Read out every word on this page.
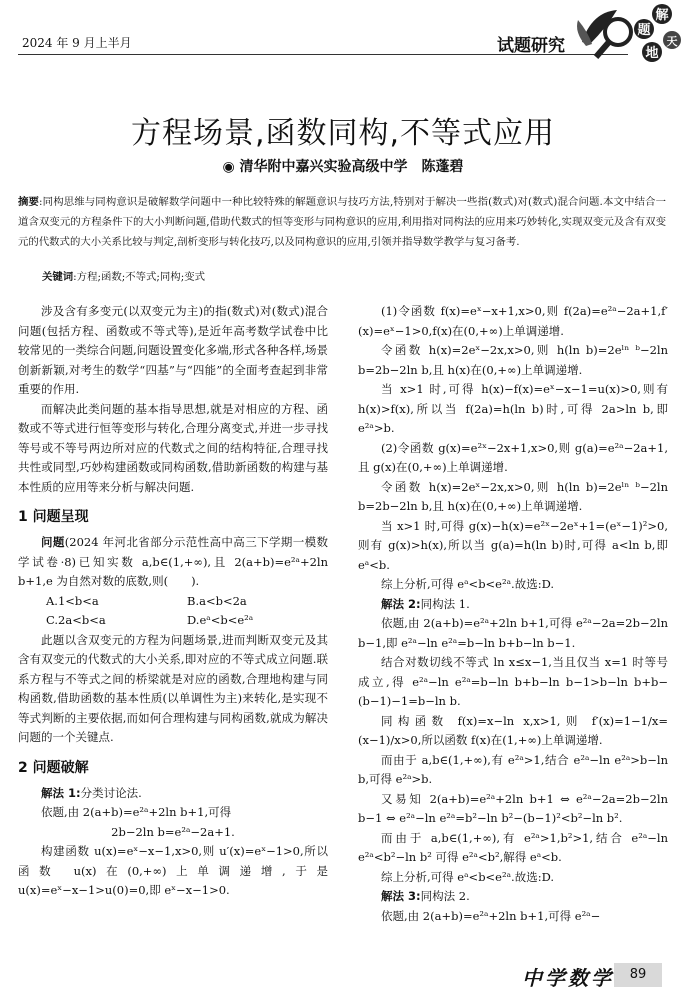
2024 年 9 月上半月	试题研究
解
题
天
地
方程场景,函数同构,不等式应用
◉ 清华附中嘉兴实验高级中学　陈蓬碧
摘要:同构思维与同构意识是破解数学问题中一种比较特殊的解题意识与技巧方法,特别对于解决一些指(数式)对(数式)混合问题.本文中结合一道含双变元的方程条件下的大小判断问题,借助代数式的恒等变形与同构意识的应用,利用指对同构法的应用来巧妙转化,实现双变元及含有双变元的代数式的大小关系比较与判定,剖析变形与转化技巧,以及同构意识的应用,引领并指导数学教学与复习备考.
关键词:方程;函数;不等式;同构;变式

涉及含有多变元(以双变元为主)的指(数式)对(数式)混合问题(包括方程、函数或不等式等),是近年高考数学试卷中比较常见的一类综合问题,问题设置变化多端,形式各种各样,场景创新新颖,对考生的数学“四基”与“四能”的全面考查起到非常重要的作用.

而解决此类问题的基本指导思想,就是对相应的方程、函数或不等式进行恒等变形与转化,合理分离变式,并进一步寻找等号或不等号两边所对应的代数式之间的结构特征,合理寻找共性或同型,巧妙构建函数或同构函数,借助新函数的构建与基本性质的应用等来分析与解决问题.

1 问题呈现

问题(2024 年河北省部分示范性高中高三下学期一模数学试卷·8)已知实数 a,b∈(1,+∞),且 2(a+b)=e²ᵃ+2ln b+1,e 为自然对数的底数,则(　　).

A.1<b<a	B.a<b<2a
C.2a<b<a	D.eᵃ<b<e²ᵃ

此题以含双变元的方程为问题场景,进而判断双变元及其含有双变元的代数式的大小关系,即对应的不等式成立问题.联系方程与不等式之间的桥梁就是对应的函数,合理地构建与同构函数,借助函数的基本性质(以单调性为主)来转化,是实现不等式判断的主要依据,而如何合理构建与同构函数,就成为解决问题的一个关键点.

2 问题破解

解法 1:分类讨论法.

依题,由 2(a+b)=e²ᵃ+2ln b+1,可得

2b−2ln b=e²ᵃ−2a+1.

构建函数 u(x)=eˣ−x−1,x>0,则 u′(x)=eˣ−1>0,所以函数 u(x)在(0,+∞)上单调递增,于是 u(x)=eˣ−x−1>u(0)=0,即 eˣ−x−1>0.

(1)令函数 f(x)=eˣ−x+1,x>0,则 f(2a)=e²ᵃ−2a+1,f′(x)=eˣ−1>0,f(x)在(0,+∞)上单调递增.

令函数 h(x)=2eˣ−2x,x>0,则 h(ln b)=2eˡⁿ ᵇ−2ln b=2b−2ln b,且 h(x)在(0,+∞)上单调递增.

当 x>1 时,可得 h(x)−f(x)=eˣ−x−1=u(x)>0,则有 h(x)>f(x),所以当 f(2a)=h(ln b)时,可得 2a>ln b,即 e²ᵃ>b.

(2)令函数 g(x)=e²ˣ−2x+1,x>0,则 g(a)=e²ᵃ−2a+1,且 g(x)在(0,+∞)上单调递增.

令函数 h(x)=2eˣ−2x,x>0,则 h(ln b)=2eˡⁿ ᵇ−2ln b=2b−2ln b,且 h(x)在(0,+∞)上单调递增.

当 x>1 时,可得 g(x)−h(x)=e²ˣ−2eˣ+1=(eˣ−1)²>0,则有 g(x)>h(x),所以当 g(a)=h(ln b)时,可得 a<ln b,即 eᵃ<b.

综上分析,可得 eᵃ<b<e²ᵃ.故选:D.

解法 2:同构法 1.

依题,由 2(a+b)=e²ᵃ+2ln b+1,可得 e²ᵃ−2a=2b−2ln b−1,即 e²ᵃ−ln e²ᵃ=b−ln b+b−ln b−1.

结合对数切线不等式 ln x≤x−1,当且仅当 x=1 时等号成立,得 e²ᵃ−ln e²ᵃ=b−ln b+b−ln b−1>b−ln b+b−(b−1)−1=b−ln b.

同构函数 f(x)=x−ln x,x>1,则 f′(x)=1−1/x=(x−1)/x>0,所以函数 f(x)在(1,+∞)上单调递增.

而由于 a,b∈(1,+∞),有 e²ᵃ>1,结合 e²ᵃ−ln e²ᵃ>b−ln b,可得 e²ᵃ>b.

又易知 2(a+b)=e²ᵃ+2ln b+1 ⇔ e²ᵃ−2a=2b−2ln b−1 ⇔ e²ᵃ−ln e²ᵃ=b²−ln b²−(b−1)²<b²−ln b².

而由于 a,b∈(1,+∞),有 e²ᵃ>1,b²>1,结合 e²ᵃ−ln e²ᵃ<b²−ln b² 可得 e²ᵃ<b²,解得 eᵃ<b.

综上分析,可得 eᵃ<b<e²ᵃ.故选:D.

解法 3:同构法 2.

依题,由 2(a+b)=e²ᵃ+2ln b+1,可得 e²ᵃ−

中学数学	89
